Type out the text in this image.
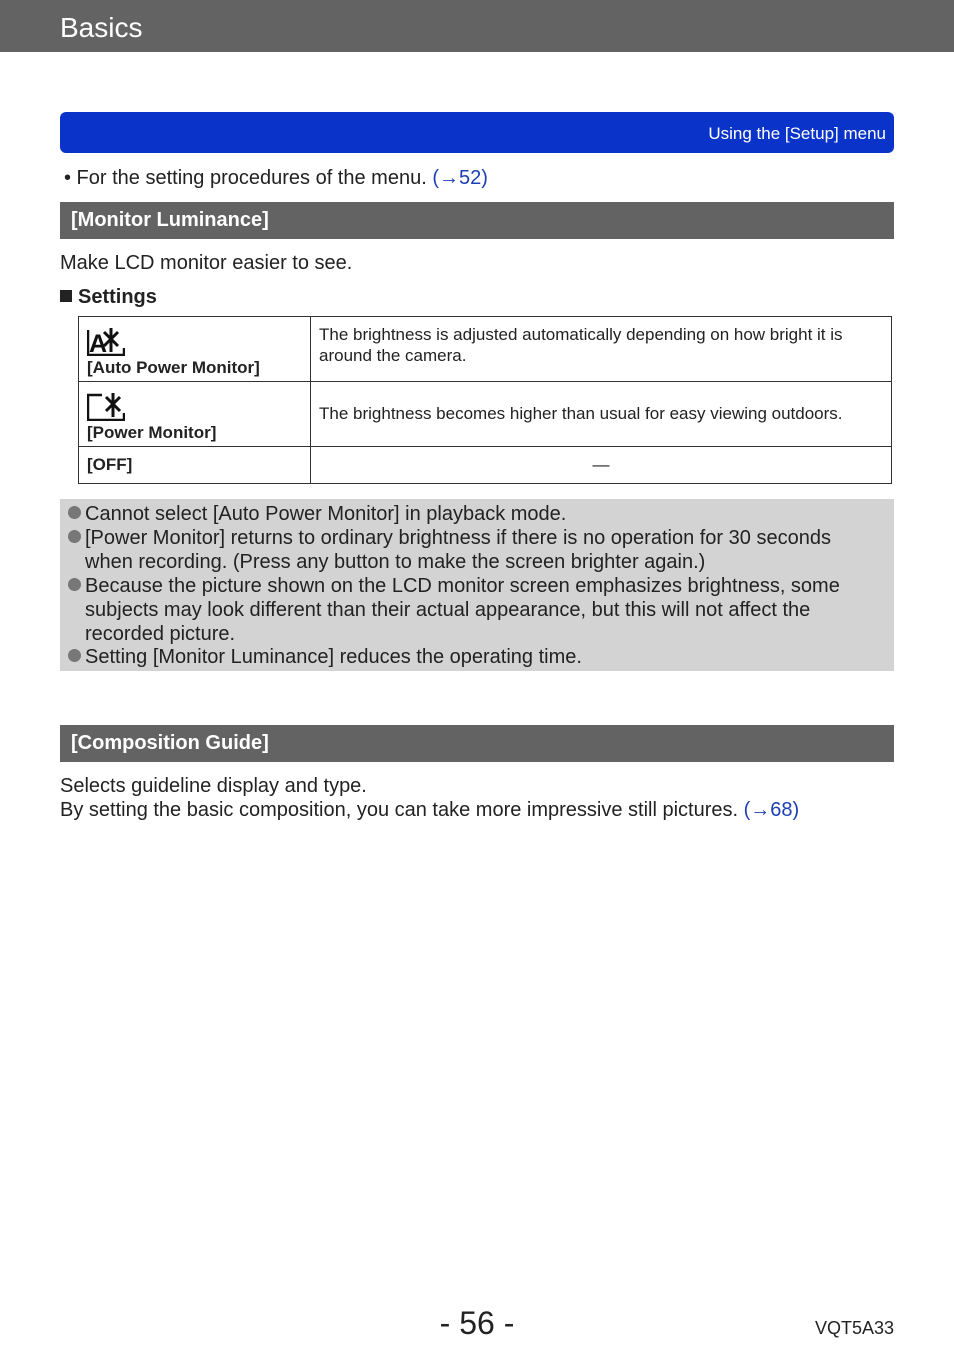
Basics
Using the [Setup] menu
• For the setting procedures of the menu. (→52)
[Monitor Luminance]
Make LCD monitor easier to see.
Settings
A
[Auto Power Monitor]	The brightness is adjusted automatically depending on how bright it is around the camera.

[Power Monitor]	The brightness becomes higher than usual for easy viewing outdoors.
[OFF]	—
Cannot select [Auto Power Monitor] in playback mode.
[Power Monitor] returns to ordinary brightness if there is no operation for 30 seconds
when recording. (Press any button to make the screen brighter again.)
Because the picture shown on the LCD monitor screen emphasizes brightness, some
subjects may look different than their actual appearance, but this will not affect the
recorded picture.
Setting [Monitor Luminance] reduces the operating time.
[Composition Guide]
Selects guideline display and type.
By setting the basic composition, you can take more impressive still pictures. (→68)
- 56 -	VQT5A33
